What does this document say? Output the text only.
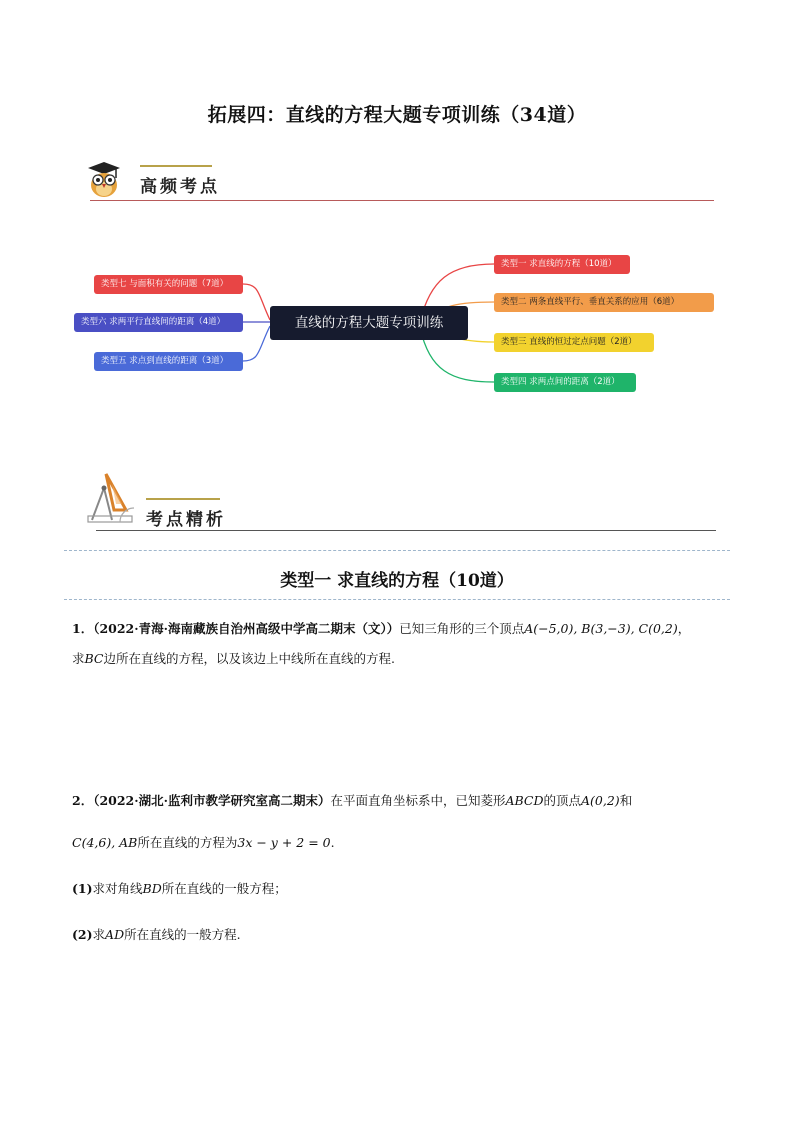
拓展四：直线的方程大题专项训练（34道）
高频考点
直线的方程大题专项训练
类型一 求直线的方程（10道）
类型二 两条直线平行、垂直关系的应用（6道）
类型三 直线的恒过定点问题（2道）
类型四 求两点间的距离（2道）
类型七 与面积有关的问题（7道）
类型六 求两平行直线间的距离（4道）
类型五 求点到直线的距离（3道）
考点精析
类型一 求直线的方程（10道）
1．（2022·青海·海南藏族自治州高级中学高二期末（文））已知三角形的三个顶点A(−5,0), B(3,−3), C(0,2)，
求BC边所在直线的方程，以及该边上中线所在直线的方程.
2．（2022·湖北·监利市教学研究室高二期末）在平面直角坐标系中，已知菱形ABCD的顶点A(0,2)和
C(4,6), AB所在直线的方程为3x − y + 2 = 0.
(1)求对角线BD所在直线的一般方程；
(2)求AD所在直线的一般方程.
